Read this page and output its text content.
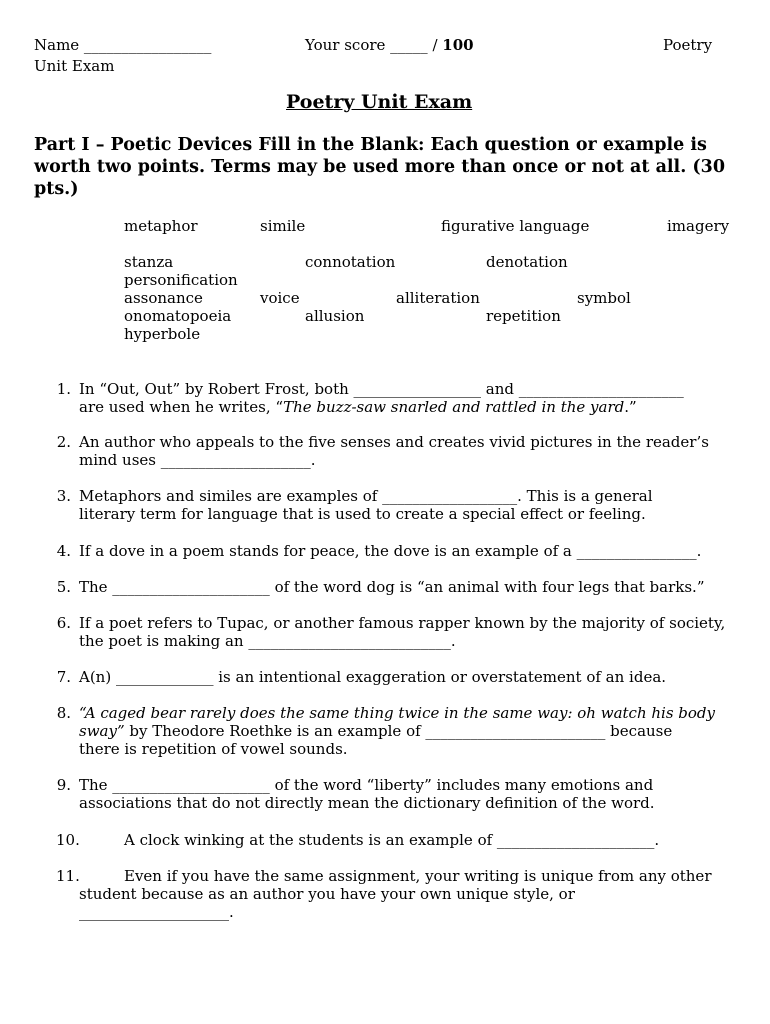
Name _________________	Your score _____ / 100	Poetry
Unit Exam
Poetry Unit Exam
Part I – Poetic Devices Fill in the Blank: Each question or example is worth two points. Terms may be used more than once or not at all. (30 pts.)
metaphor	simile	figurative language	imagery
stanza	connotation	denotation
personification
assonance	voice	alliteration	symbol
onomatopoeia	allusion	repetition
hyperbole
1. In “Out, Out” by Robert Frost, both _________________ and ______________________
are used when he writes, “The buzz-saw snarled and rattled in the yard.”
2. An author who appeals to the five senses and creates vivid pictures in the reader’s
mind uses ____________________.
3. Metaphors and similes are examples of __________________. This is a general
literary term for language that is used to create a special effect or feeling.
4. If a dove in a poem stands for peace, the dove is an example of a ________________.
5. The _____________________ of the word dog is “an animal with four legs that barks.”
6. If a poet refers to Tupac, or another famous rapper known by the majority of society,
the poet is making an ___________________________.
7. A(n) _____________ is an intentional exaggeration or overstatement of an idea.
8. “A caged bear rarely does the same thing twice in the same way: oh watch his body
sway” by Theodore Roethke is an example of ________________________ because
there is repetition of vowel sounds.
9. The _____________________ of the word “liberty” includes many emotions and
associations that do not directly mean the dictionary definition of the word.
10.	A clock winking at the students is an example of _____________________.
11.	Even if you have the same assignment, your writing is unique from any other
student because as an author you have your own unique style, or
____________________.
